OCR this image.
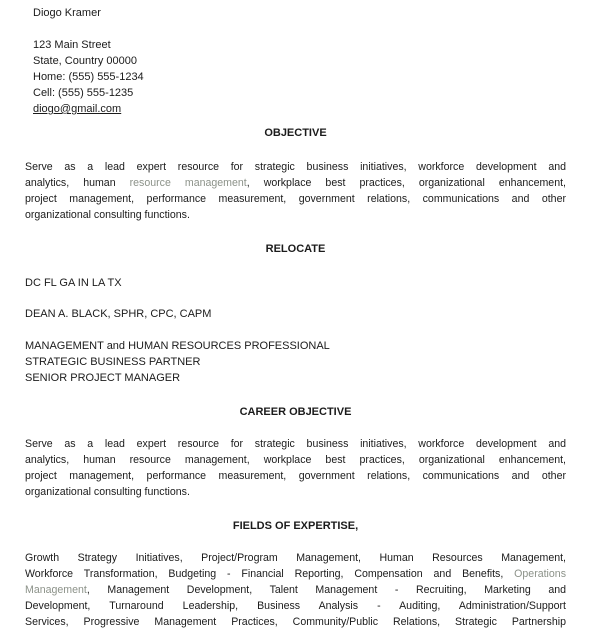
Diogo Kramer
123 Main Street
State, Country 00000
Home: (555) 555-1234
Cell: (555) 555-1235
diogo@gmail.com
OBJECTIVE
Serve as a lead expert resource for strategic business initiatives, workforce development and
analytics, human resource management, workplace best practices, organizational enhancement,
project management, performance measurement, government relations, communications and other
organizational consulting functions.
RELOCATE
DC FL GA IN LA TX
DEAN A. BLACK, SPHR, CPC, CAPM
MANAGEMENT and HUMAN RESOURCES PROFESSIONAL
STRATEGIC BUSINESS PARTNER
SENIOR PROJECT MANAGER
CAREER OBJECTIVE
Serve as a lead expert resource for strategic business initiatives, workforce development and
analytics, human resource management, workplace best practices, organizational enhancement,
project management, performance measurement, government relations, communications and other
organizational consulting functions.
FIELDS OF EXPERTISE,
Growth Strategy Initiatives, Project/Program Management, Human Resources Management,
Workforce Transformation, Budgeting - Financial Reporting, Compensation and Benefits, Operations
Management, Management Development, Talent Management - Recruiting, Marketing and
Development, Turnaround Leadership, Business Analysis - Auditing, Administration/Support
Services, Progressive Management Practices, Community/Public Relations, Strategic Partnership
